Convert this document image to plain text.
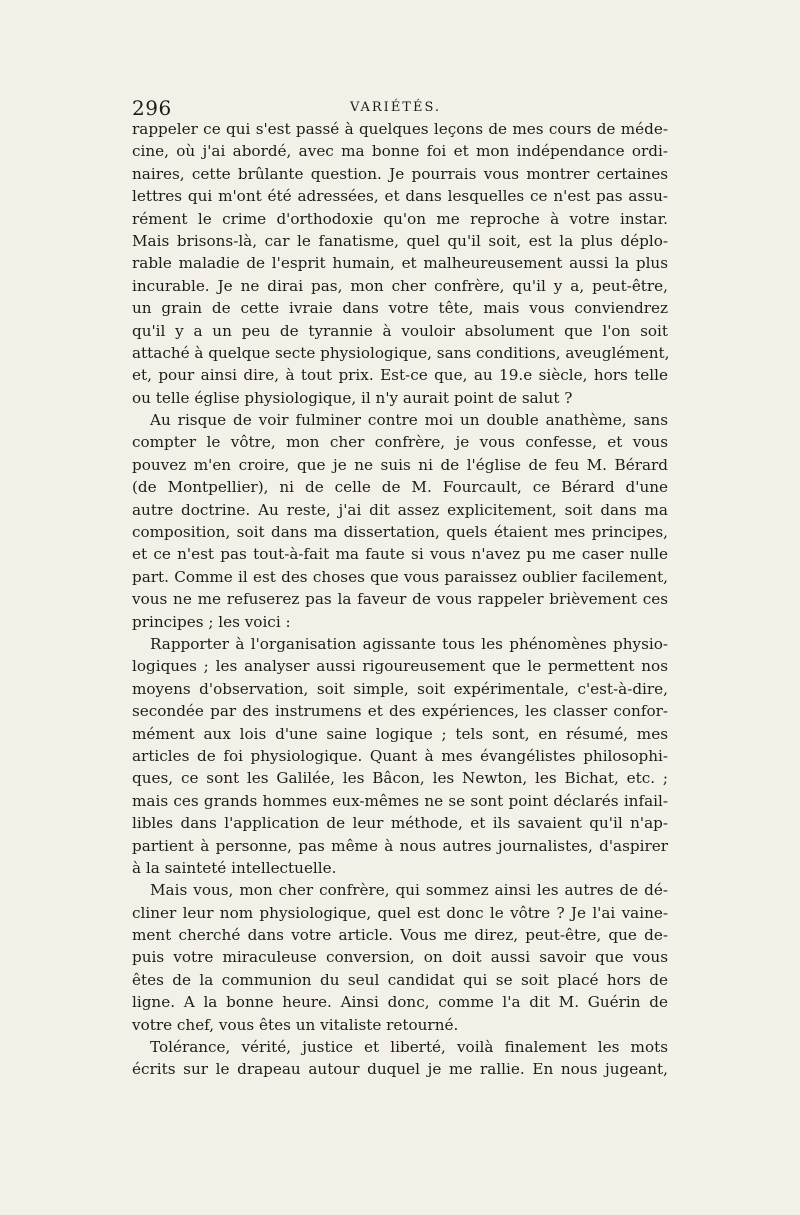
296	VARIÉTÉS.
rappeler ce qui s'est passé à quelques leçons de mes cours de méde-
cine, où j'ai abordé, avec ma bonne foi et mon indépendance ordi-
naires, cette brûlante question. Je pourrais vous montrer certaines
lettres qui m'ont été adressées, et dans lesquelles ce n'est pas assu-
rément le crime d'orthodoxie qu'on me reproche à votre instar.
Mais brisons-là, car le fanatisme, quel qu'il soit, est la plus déplo-
rable maladie de l'esprit humain, et malheureusement aussi la plus
incurable. Je ne dirai pas, mon cher confrère, qu'il y a, peut-être,
un grain de cette ivraie dans votre tête, mais vous conviendrez
qu'il y a un peu de tyrannie à vouloir absolument que l'on soit
attaché à quelque secte physiologique, sans conditions, aveuglément,
et, pour ainsi dire, à tout prix. Est-ce que, au 19.e siècle, hors telle
ou telle église physiologique, il n'y aurait point de salut ?
Au risque de voir fulminer contre moi un double anathème, sans
compter le vôtre, mon cher confrère, je vous confesse, et vous
pouvez m'en croire, que je ne suis ni de l'église de feu M. Bérard
(de Montpellier), ni de celle de M. Fourcault, ce Bérard d'une
autre doctrine. Au reste, j'ai dit assez explicitement, soit dans ma
composition, soit dans ma dissertation, quels étaient mes principes,
et ce n'est pas tout-à-fait ma faute si vous n'avez pu me caser nulle
part. Comme il est des choses que vous paraissez oublier facilement,
vous ne me refuserez pas la faveur de vous rappeler brièvement ces
principes ; les voici :
Rapporter à l'organisation agissante tous les phénomènes physio-
logiques ; les analyser aussi rigoureusement que le permettent nos
moyens d'observation, soit simple, soit expérimentale, c'est-à-dire,
secondée par des instrumens et des expériences, les classer confor-
mément aux lois d'une saine logique ; tels sont, en résumé, mes
articles de foi physiologique. Quant à mes évangélistes philosophi-
ques, ce sont les Galilée, les Bâcon, les Newton, les Bichat, etc. ;
mais ces grands hommes eux-mêmes ne se sont point déclarés infail-
libles dans l'application de leur méthode, et ils savaient qu'il n'ap-
partient à personne, pas même à nous autres journalistes, d'aspirer
à la sainteté intellectuelle.
Mais vous, mon cher confrère, qui sommez ainsi les autres de dé-
cliner leur nom physiologique, quel est donc le vôtre ? Je l'ai vaine-
ment cherché dans votre article. Vous me direz, peut-être, que de-
puis votre miraculeuse conversion, on doit aussi savoir que vous
êtes de la communion du seul candidat qui se soit placé hors de
ligne. A la bonne heure. Ainsi donc, comme l'a dit M. Guérin de
votre chef, vous êtes un vitaliste retourné.
Tolérance, vérité, justice et liberté, voilà finalement les mots
écrits sur le drapeau autour duquel je me rallie. En nous jugeant,
